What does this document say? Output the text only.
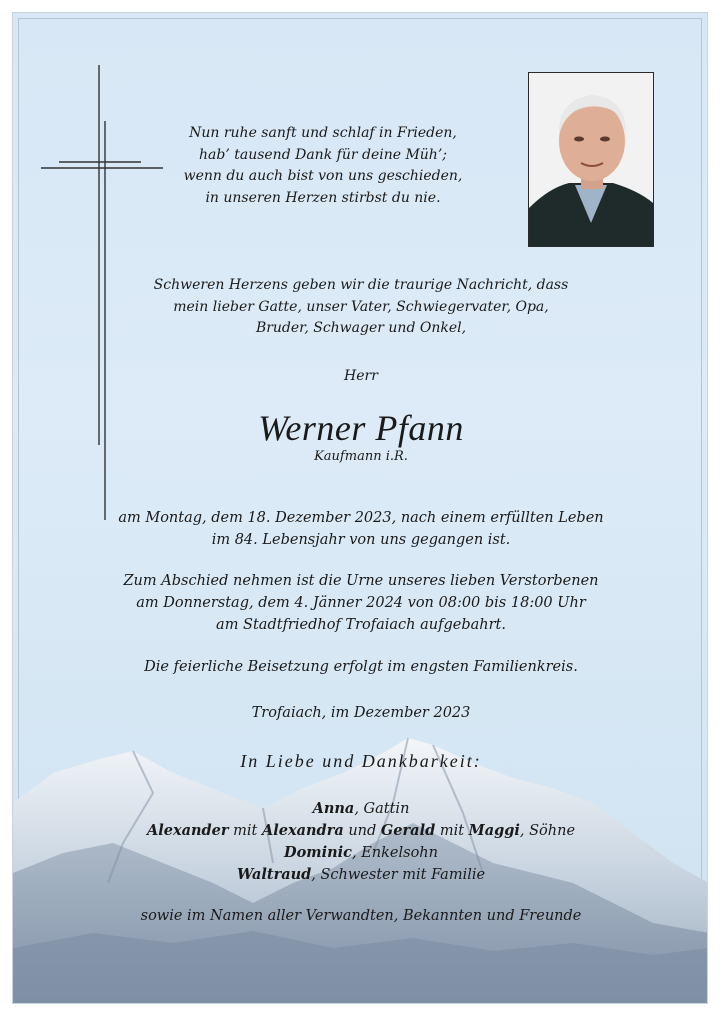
Nun ruhe sanft und schlaf in Frieden,
hab’ tausend Dank für deine Müh’;
wenn du auch bist von uns geschieden,
in unseren Herzen stirbst du nie.

Schweren Herzens geben wir die traurige Nachricht, dass
mein lieber Gatte, unser Vater, Schwiegervater, Opa,
Bruder, Schwager und Onkel,

Herr

Werner Pfann

Kaufmann i.R.

am Montag, dem 18. Dezember 2023, nach einem erfüllten Leben
im 84. Lebensjahr von uns gegangen ist.

Zum Abschied nehmen ist die Urne unseres lieben Verstorbenen
am Donnerstag, dem 4. Jänner 2024 von 08:00 bis 18:00 Uhr
am Stadtfriedhof Trofaiach aufgebahrt.

Die feierliche Beisetzung erfolgt im engsten Familienkreis.

Trofaiach, im Dezember 2023

In Liebe und Dankbarkeit:

Anna, Gattin
Alexander mit Alexandra und Gerald mit Maggi, Söhne
Dominic, Enkelsohn
Waltraud, Schwester mit Familie

sowie im Namen aller Verwandten, Bekannten und Freunde
